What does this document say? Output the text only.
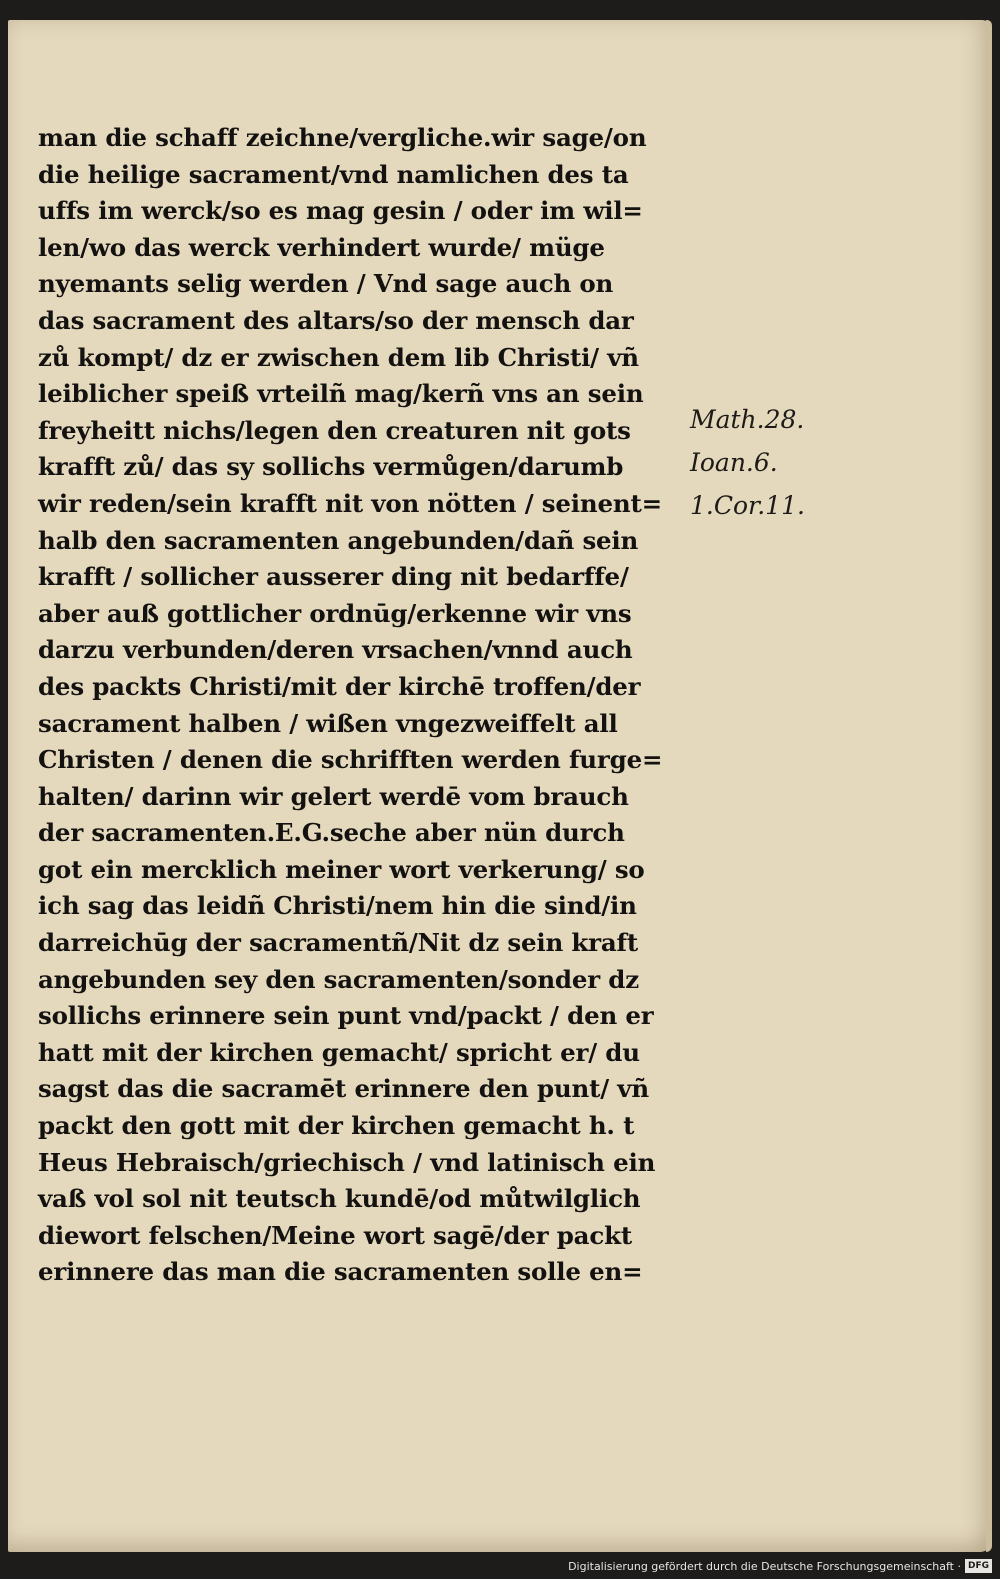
man die schaff zeichne/vergliche.wir sage/on
die heilige sacrament/vnd namlichen des ta
uffs im werck/so es mag gesin / oder im wil=
len/wo das werck verhindert wurde/ müge
nyemants selig werden / Vnd sage auch on
das sacrament des altars/so der mensch dar
zů kompt/ dz er zwischen dem lib Christi/ vñ
leiblicher speiß vrteilñ mag/kerñ vns an sein
freyheitt nichs/legen den creaturen nit gots
krafft zů/ das sy sollichs vermůgen/darumb
wir reden/sein krafft nit von nötten / seinent=
halb den sacramenten angebunden/dañ sein
krafft / sollicher ausserer ding nit bedarffe/
aber auß gottlicher ordnūg/erkenne wir vns
darzu verbunden/deren vrsachen/vnnd auch
des packts Christi/mit der kirchē troffen/der
sacrament halben / wißen vngezweiffelt all
Christen / denen die schrifften werden furge=
halten/ darinn wir gelert werdē vom brauch
der sacramenten.E.G.seche aber nün durch
got ein mercklich meiner wort verkerung/ so
ich sag das leidñ Christi/nem hin die sind/in
darreichūg der sacramentñ/Nit dz sein kraft
angebunden sey den sacramenten/sonder dz
sollichs erinnere sein punt vnd/packt / den er
hatt mit der kirchen gemacht/ spricht er/ du
sagst das die sacramēt erinnere den punt/ vñ
packt den gott mit der kirchen gemacht h. t
Heus Hebraisch/griechisch / vnd latinisch ein
vaß vol sol nit teutsch kundē/od můtwilglich
diewort felschen/Meine wort sagē/der packt
erinnere das man die sacramenten solle en=
Math.28.
Ioan.6.
1.Cor.11.
Digitalisierung gefördert durch die Deutsche Forschungsgemeinschaft · DFG
